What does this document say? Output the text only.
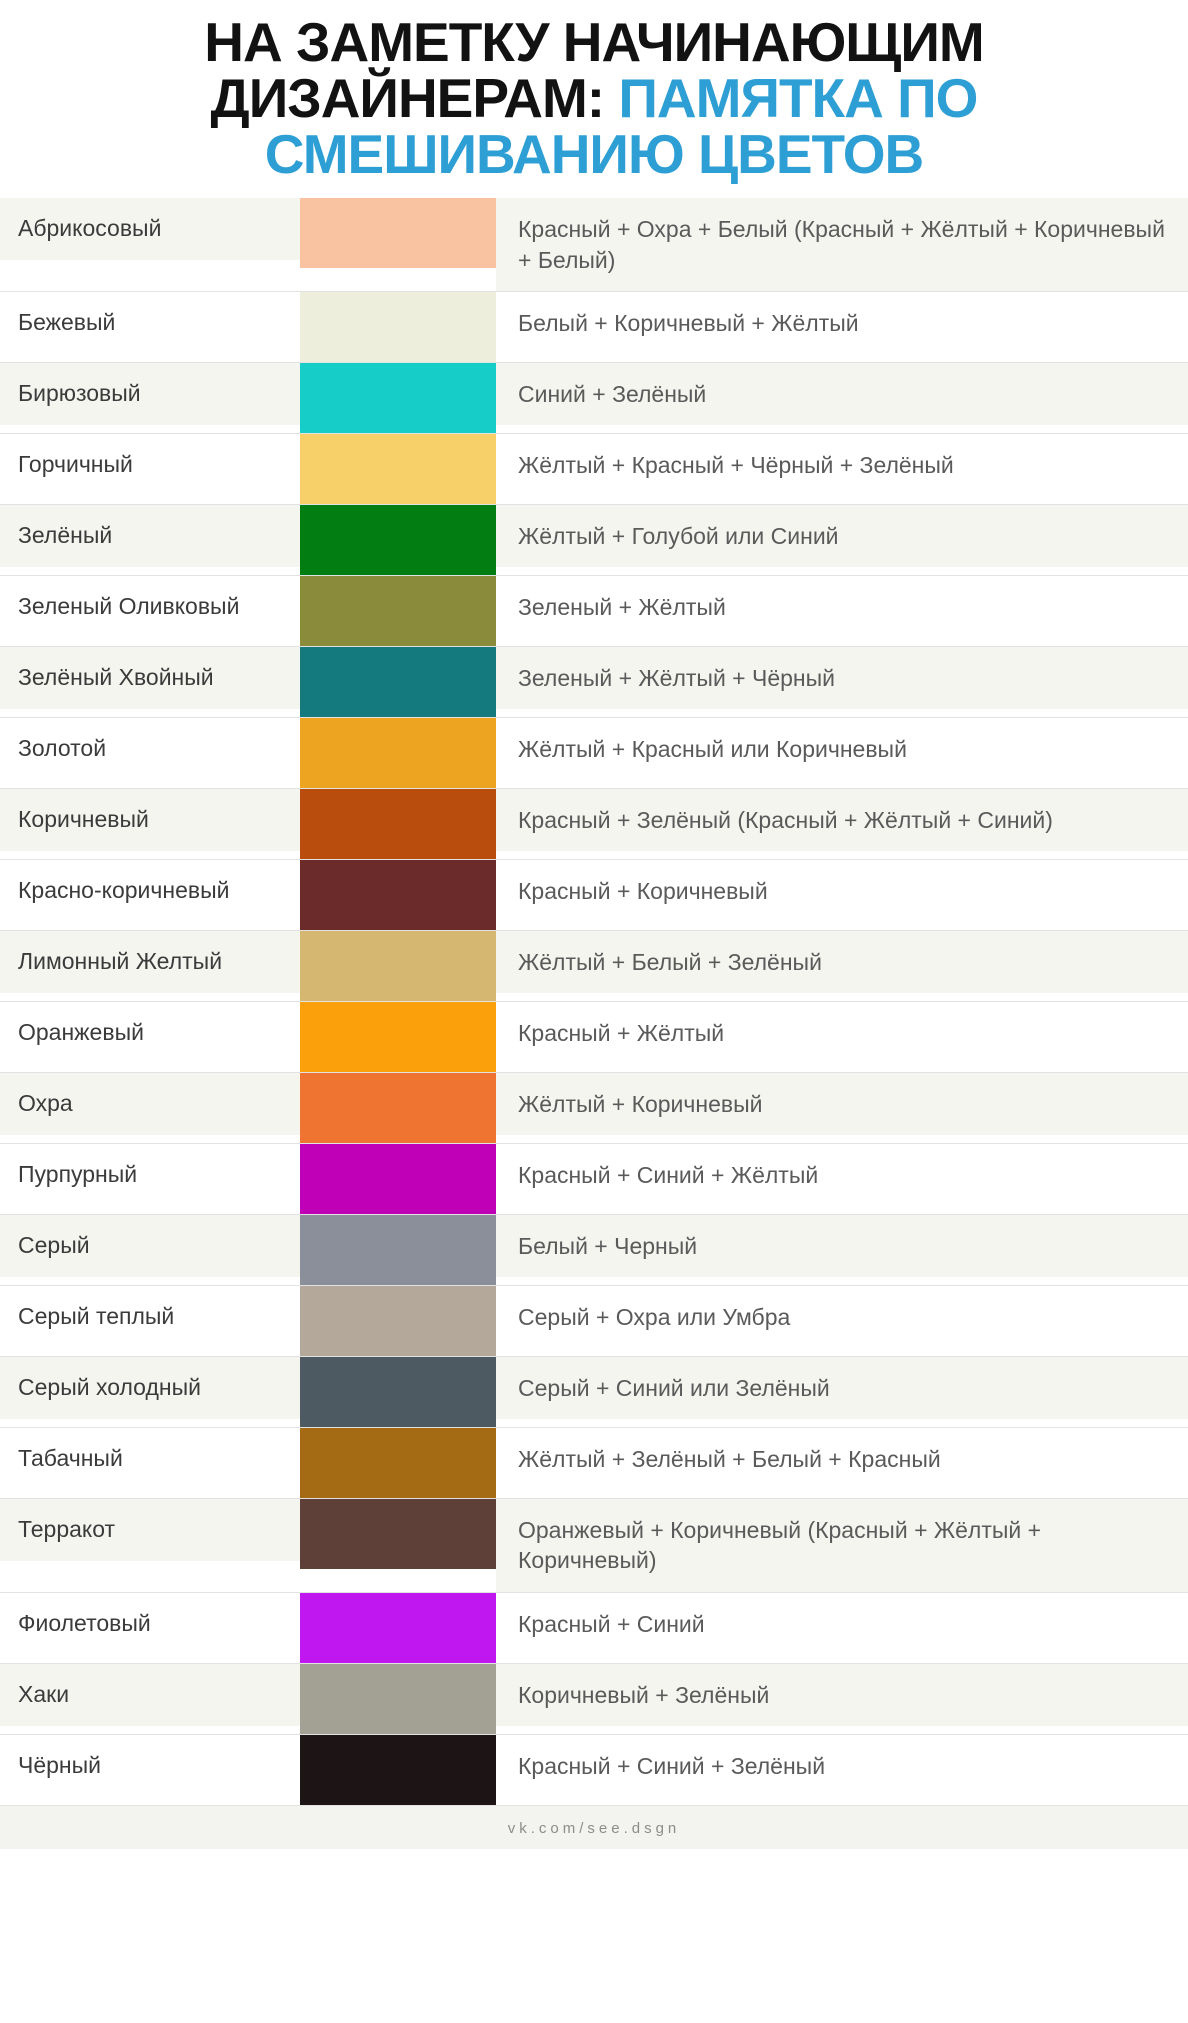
НА ЗАМЕТКУ НАЧИНАЮЩИМ
ДИЗАЙНЕРАМ: ПАМЯТКА ПО
СМЕШИВАНИЮ ЦВЕТОВ
Абрикосовый		Красный + Охра + Белый (Красный + Жёлтый + Коричневый + Белый)

Бежевый		Белый + Коричневый + Жёлтый

Бирюзовый		Синий + Зелёный

Горчичный		Жёлтый + Красный + Чёрный + Зелёный

Зелёный		Жёлтый + Голубой или Синий

Зеленый Оливковый		Зеленый + Жёлтый

Зелёный Хвойный		Зеленый + Жёлтый + Чёрный

Золотой		Жёлтый + Красный или Коричневый

Коричневый		Красный + Зелёный (Красный + Жёлтый + Синий)

Красно-коричневый		Красный + Коричневый

Лимонный Желтый		Жёлтый + Белый + Зелёный

Оранжевый		Красный + Жёлтый

Охра		Жёлтый + Коричневый

Пурпурный		Красный + Синий + Жёлтый

Серый		Белый + Черный

Серый теплый		Серый + Охра или Умбра

Серый холодный		Серый + Синий или Зелёный

Табачный		Жёлтый + Зелёный + Белый + Красный

Терракот		Оранжевый + Коричневый (Красный + Жёлтый + Коричневый)

Фиолетовый		Красный + Синий

Хаки		Коричневый + Зелёный

Чёрный		Красный + Синий + Зелёный
vk.com/see.dsgn
